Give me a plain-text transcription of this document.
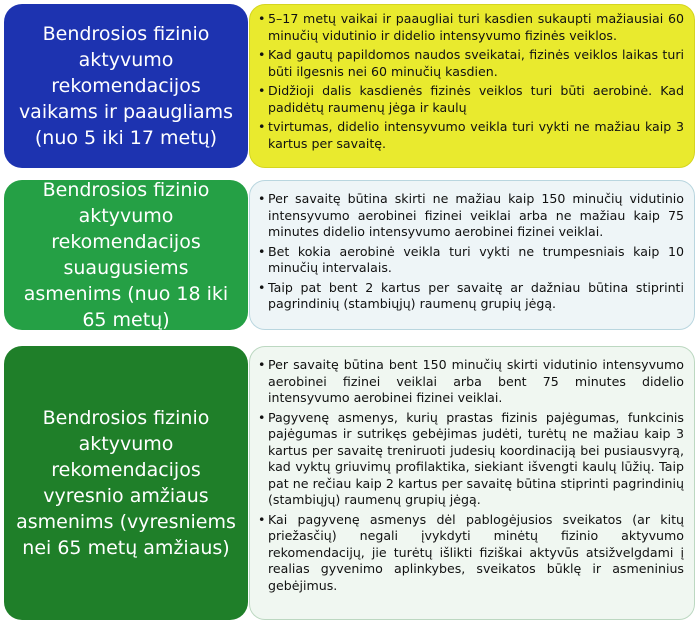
Bendrosios fizinio aktyvumo rekomendacijos vaikams ir paaugliams (nuo 5 iki 17 metų)
• 5–17 metų vaikai ir paaugliai turi kasdien sukaupti mažiausiai 60 minučių vidutinio ir didelio intensyvumo fizinės veiklos.
• Kad gautų papildomos naudos sveikatai, fizinės veiklos laikas turi būti ilgesnis nei 60 minučių kasdien.
• Didžioji dalis kasdienės fizinės veiklos turi būti aerobinė. Kad padidėtų raumenų jėga ir kaulų
• tvirtumas, didelio intensyvumo veikla turi vykti ne mažiau kaip 3 kartus per savaitę.
Bendrosios fizinio aktyvumo rekomendacijos suaugusiems asmenims (nuo 18 iki 65 metų)
• Per savaitę būtina skirti ne mažiau kaip 150 minučių vidutinio intensyvumo aerobinei fizinei veiklai arba ne mažiau kaip 75 minutes didelio intensyvumo aerobinei fizinei veiklai.
• Bet kokia aerobinė veikla turi vykti ne trumpesniais kaip 10 minučių intervalais.
• Taip pat bent 2 kartus per savaitę ar dažniau būtina stiprinti pagrindinių (stambiųjų) raumenų grupių jėgą.
Bendrosios fizinio aktyvumo rekomendacijos vyresnio amžiaus asmenims (vyresniems nei 65 metų amžiaus)
• Per savaitę būtina bent 150 minučių skirti vidutinio intensyvumo aerobinei fizinei veiklai arba bent 75 minutes didelio intensyvumo aerobinei fizinei veiklai.
• Pagyvenę asmenys, kurių prastas fizinis pajėgumas, funkcinis pajėgumas ir sutrikęs gebėjimas judėti, turėtų ne mažiau kaip 3 kartus per savaitę treniruoti judesių koordinaciją bei pusiausvyrą, kad vyktų griuvimų profilaktika, siekiant išvengti kaulų lūžių. Taip pat ne rečiau kaip 2 kartus per savaitę būtina stiprinti pagrindinių (stambiųjų) raumenų grupių jėgą.
• Kai pagyvenę asmenys dėl pablogėjusios sveikatos (ar kitų priežasčių) negali įvykdyti minėtų fizinio aktyvumo rekomendacijų, jie turėtų išlikti fiziškai aktyvūs atsižvelgdami į realias gyvenimo aplinkybes, sveikatos būklę ir asmeninius gebėjimus.
